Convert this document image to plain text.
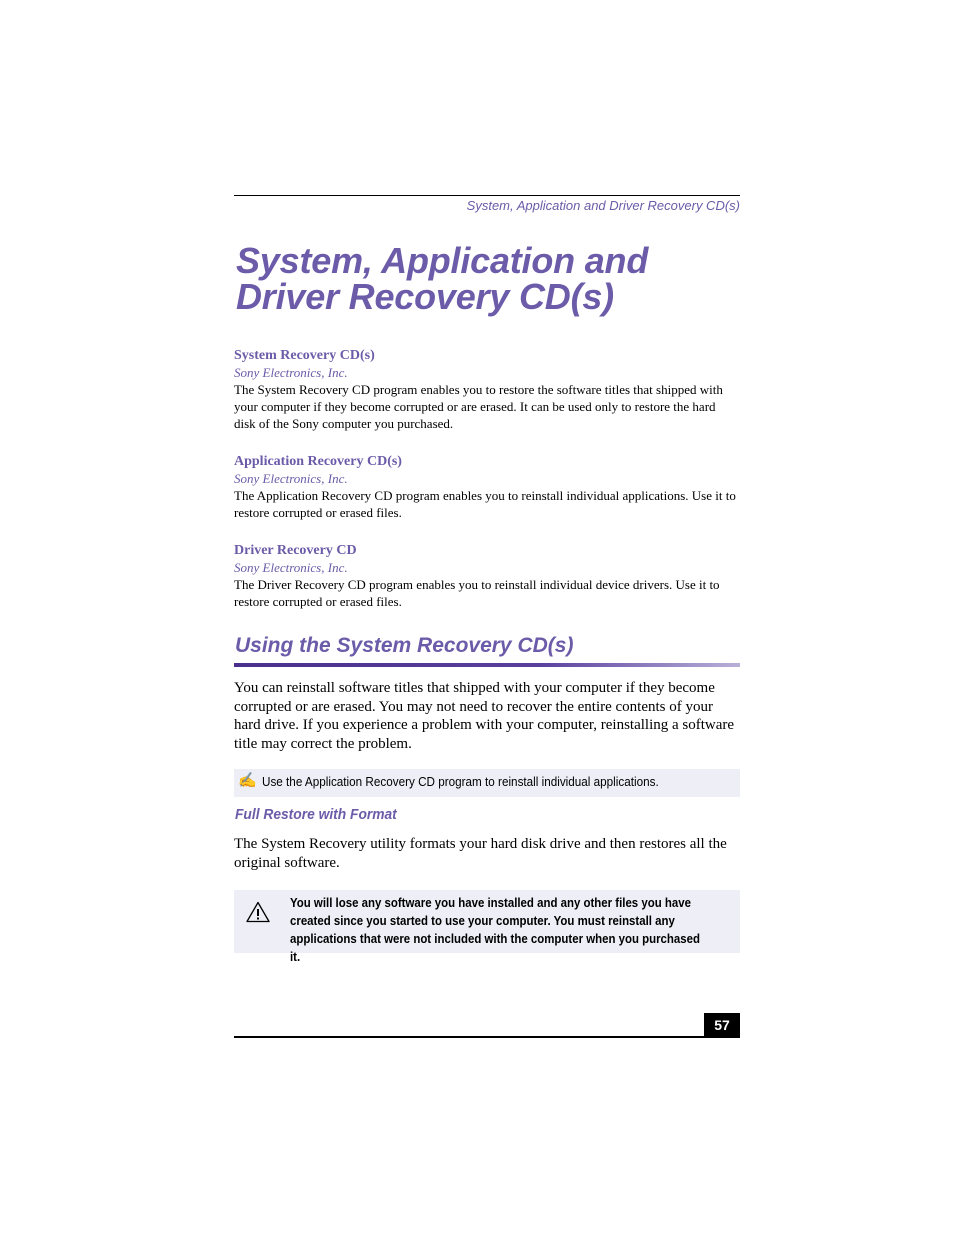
System, Application and Driver Recovery CD(s)
System, Application and
Driver Recovery CD(s)
System Recovery CD(s)
Sony Electronics, Inc.

The System Recovery CD program enables you to restore the software titles that shipped with your computer if they become corrupted or are erased. It can be used only to restore the hard disk of the Sony computer you purchased.

Application Recovery CD(s)
Sony Electronics, Inc.

The Application Recovery CD program enables you to reinstall individual applications. Use it to restore corrupted or erased files.

Driver Recovery CD
Sony Electronics, Inc.

The Driver Recovery CD program enables you to reinstall individual device drivers. Use it to restore corrupted or erased files.

Using the System Recovery CD(s)

You can reinstall software titles that shipped with your computer if they become corrupted or are erased. You may not need to recover the entire contents of your hard drive. If you experience a problem with your computer, reinstalling a software title may correct the problem.

✍ Use the Application Recovery CD program to reinstall individual applications.
Full Restore with Format

The System Recovery utility formats your hard disk drive and then restores all the original software.

You will lose any software you have installed and any other files you have created since you started to use your computer. You must reinstall any applications that were not included with the computer when you purchased it.
57
